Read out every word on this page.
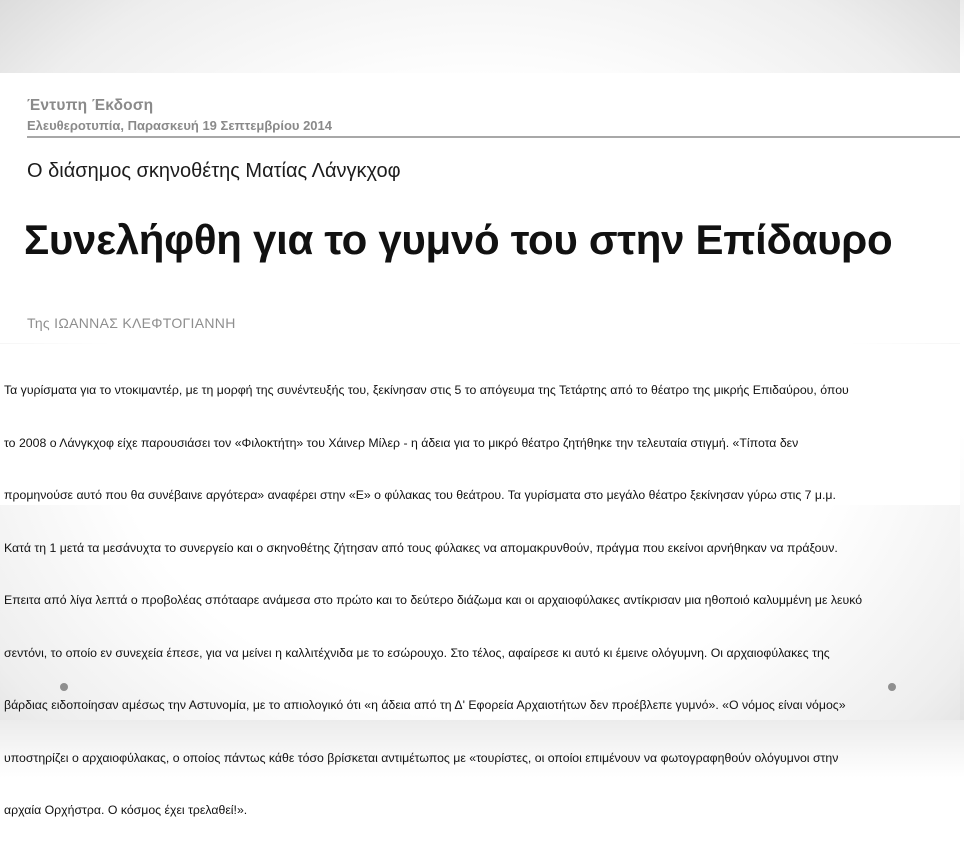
Έντυπη Έκδοση
Ελευθεροτυπία, Παρασκευή 19 Σεπτεμβρίου 2014
Ο διάσημος σκηνοθέτης Ματίας Λάνγκχοφ
Συνελήφθη για το γυμνό του στην Επίδαυρο
Της ΙΩΑΝΝΑΣ ΚΛΕΦΤΟΓΙΑΝΝΗ

Τα γυρίσματα για το ντοκιμαντέρ, με τη μορφή της συνέντευξής του, ξεκίνησαν στις 5 το απόγευμα της Τετάρτης από το θέατρο της μικρής Επιδαύρου, όπου

το 2008 ο Λάνγκχοφ είχε παρουσιάσει τον «Φιλοκτήτη» του Χάινερ Μίλερ - η άδεια για το μικρό θέατρο ζητήθηκε την τελευταία στιγμή. «Τίποτα δεν

προμηνούσε αυτό που θα συνέβαινε αργότερα» αναφέρει στην «Ε» ο φύλακας του θεάτρου. Τα γυρίσματα στο μεγάλο θέατρο ξεκίνησαν γύρω στις 7 μ.μ.

Κατά τη 1 μετά τα μεσάνυχτα το συνεργείο και ο σκηνοθέτης ζήτησαν από τους φύλακες να απομακρυνθούν, πράγμα που εκείνοι αρνήθηκαν να πράξουν.

Επειτα από λίγα λεπτά ο προβολέας σπότααρε ανάμεσα στο πρώτο και το δεύτερο διάζωμα και οι αρχαιοφύλακες αντίκρισαν μια ηθοποιό καλυμμένη με λευκό

σεντόνι, το οποίο εν συνεχεία έπεσε, για να μείνει η καλλιτέχνιδα με το εσώρουχο. Στο τέλος, αφαίρεσε κι αυτό κι έμεινε ολόγυμνη. Οι αρχαιοφύλακες της

βάρδιας ειδοποίησαν αμέσως την Αστυνομία, με το απιολογικό ότι «η άδεια από τη Δ' Εφορεία Αρχαιοτήτων δεν προέβλεπε γυμνό». «Ο νόμος είναι νόμος»

υποστηρίζει ο αρχαιοφύλακας, ο οποίος πάντως κάθε τόσο βρίσκεται αντιμέτωπος με «τουρίστες, οι οποίοι επιμένουν να φωτογραφηθούν ολόγυμνοι στην

αρχαία Ορχήστρα. Ο κόσμος έχει τρελαθεί!».
